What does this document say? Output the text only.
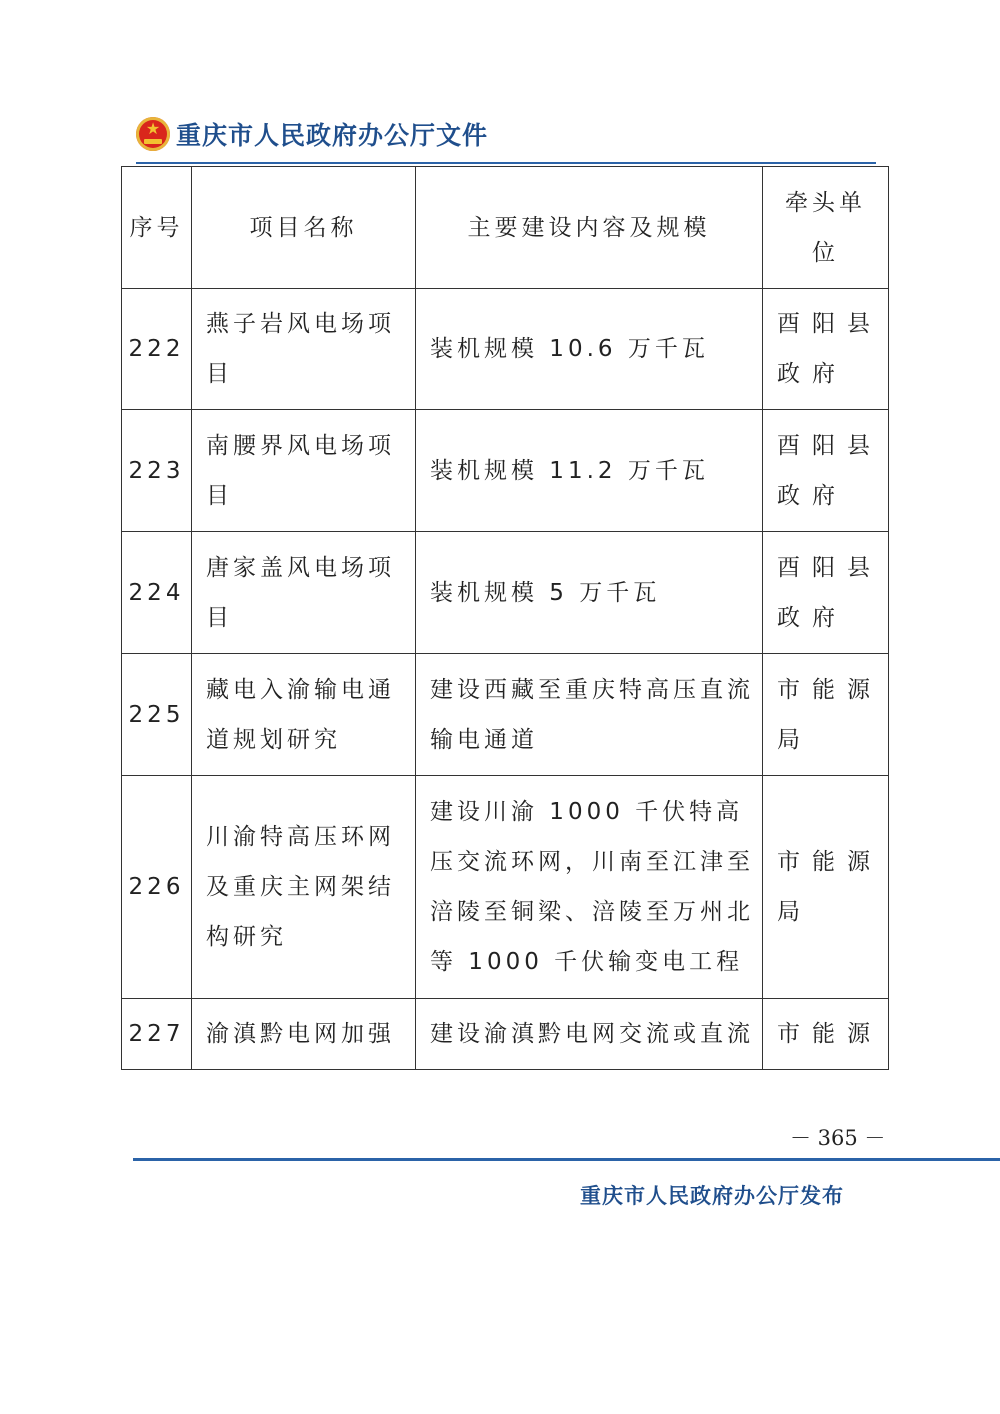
★
重庆市人民政府办公厅文件
序号	项目名称	主要建设内容及规模	牵头单位
222	燕子岩风电场项目	装机规模 10.6 万千瓦	酉阳县政府
223	南腰界风电场项目	装机规模 11.2 万千瓦	酉阳县政府
224	唐家盖风电场项目	装机规模 5 万千瓦	酉阳县政府
225	藏电入渝输电通道规划研究	建设西藏至重庆特高压直流输电通道	市能源局
226	川渝特高压环网及重庆主网架结构研究	建设川渝 1000 千伏特高压交流环网，川南至江津至涪陵至铜梁、涪陵至万州北等 1000 千伏输变电工程	市能源局
227	渝滇黔电网加强	建设渝滇黔电网交流或直流	市能源
－ 365 －
重庆市人民政府办公厅发布
